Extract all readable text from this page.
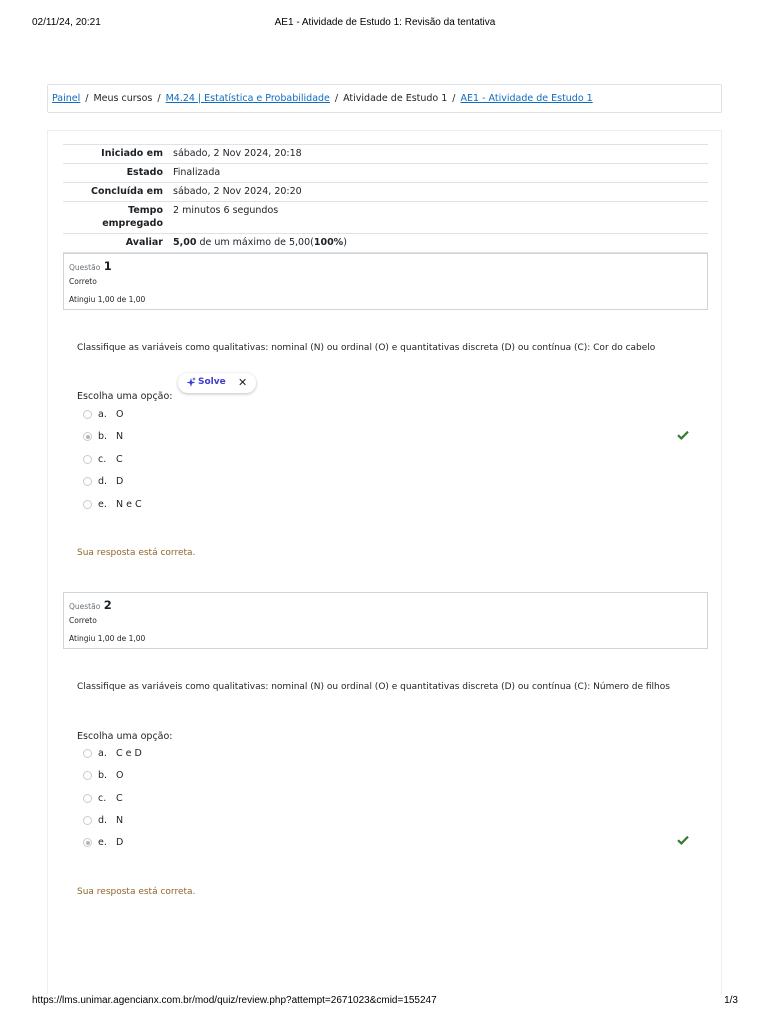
02/11/24, 20:21	AE1 - Atividade de Estudo 1: Revisão da tentativa
Painel / Meus cursos / M4.24 | Estatística e Probabilidade / Atividade de Estudo 1 / AE1 - Atividade de Estudo 1
Iniciado em	sábado, 2 Nov 2024, 20:18
Estado	Finalizada
Concluída em	sábado, 2 Nov 2024, 20:20
Tempo empregado	2 minutos 6 segundos
Avaliar	5,00 de um máximo de 5,00(100%)
Questão 1
Correto
Atingiu 1,00 de 1,00
Classifique as variáveis como qualitativas: nominal (N) ou ordinal (O) e quantitativas discreta (D) ou contínua (C): Cor do cabelo
Escolha uma opção:
a. O
b. N
c. C
d. D
e. N e C
Sua resposta está correta.
Solve ✕
Questão 2
Correto
Atingiu 1,00 de 1,00
Classifique as variáveis como qualitativas: nominal (N) ou ordinal (O) e quantitativas discreta (D) ou contínua (C): Número de filhos
Escolha uma opção:
a. C e D
b. O
c. C
d. N
e. D
Sua resposta está correta.
https://lms.unimar.agencianx.com.br/mod/quiz/review.php?attempt=2671023&cmid=155247	1/3
